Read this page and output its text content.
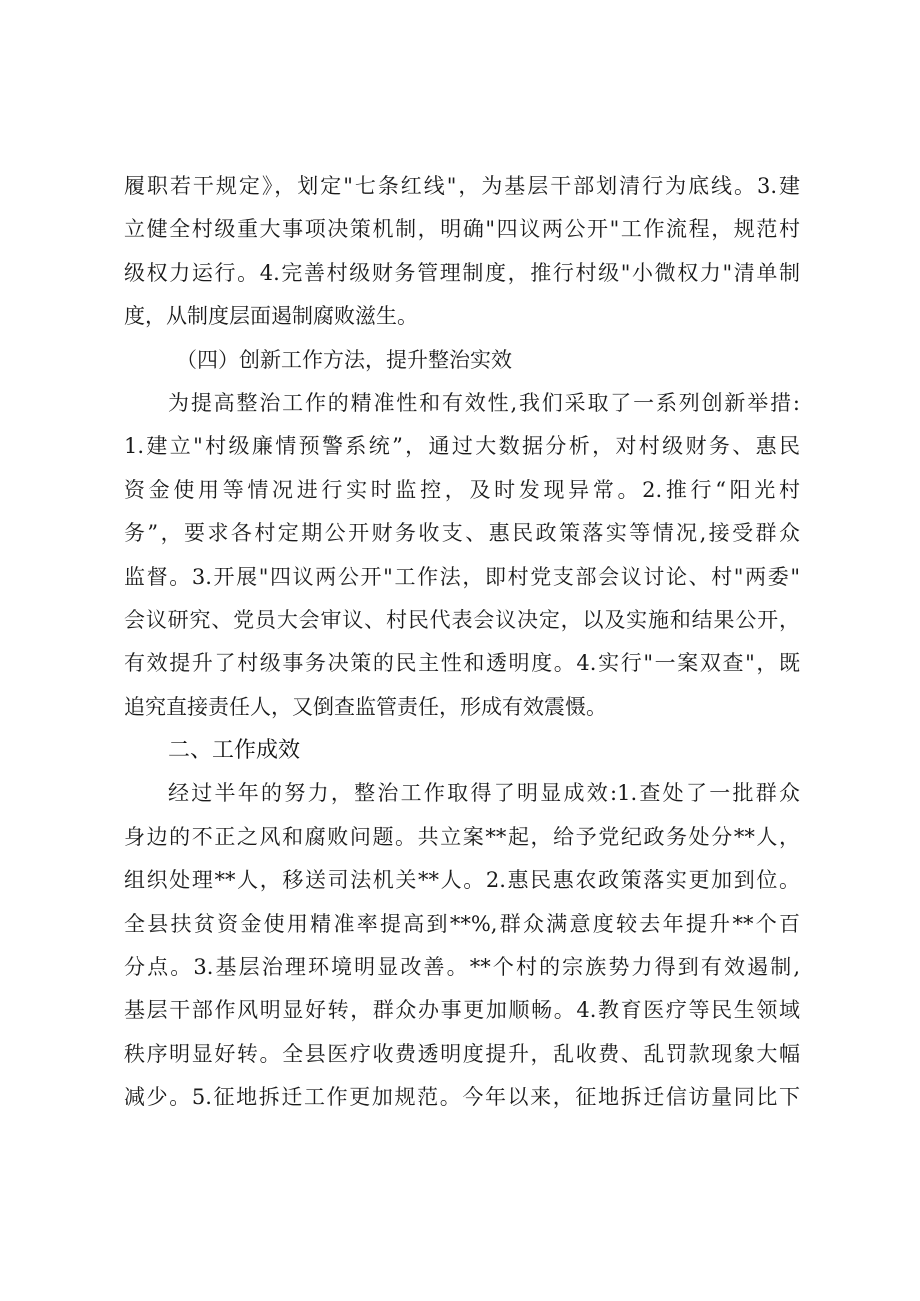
履职若干规定》，划定"七条红线"，为基层干部划清行为底线。3.建
立健全村级重大事项决策机制，明确"四议两公开"工作流程，规范村
级权力运行。4.完善村级财务管理制度，推行村级"小微权力"清单制
度，从制度层面遏制腐败滋生。
（四）创新工作方法，提升整治实效
为提高整治工作的精准性和有效性,我们采取了一系列创新举措:
1.建立"村级廉情预警系统”，通过大数据分析，对村级财务、惠民
资金使用等情况进行实时监控，及时发现异常。2.推行“阳光村
务”，要求各村定期公开财务收支、惠民政策落实等情况,接受群众
监督。3.开展"四议两公开"工作法，即村党支部会议讨论、村"两委"
会议研究、党员大会审议、村民代表会议决定，以及实施和结果公开，
有效提升了村级事务决策的民主性和透明度。4.实行"一案双查"，既
追究直接责任人，又倒查监管责任，形成有效震慑。
二、工作成效
经过半年的努力，整治工作取得了明显成效:1.查处了一批群众
身边的不正之风和腐败问题。共立案**起，给予党纪政务处分**人，
组织处理**人，移送司法机关**人。2.惠民惠农政策落实更加到位。
全县扶贫资金使用精准率提高到**%,群众满意度较去年提升**个百
分点。3.基层治理环境明显改善。**个村的宗族势力得到有效遏制,
基层干部作风明显好转，群众办事更加顺畅。4.教育医疗等民生领域
秩序明显好转。全县医疗收费透明度提升，乱收费、乱罚款现象大幅
减少。5.征地拆迁工作更加规范。今年以来，征地拆迁信访量同比下
